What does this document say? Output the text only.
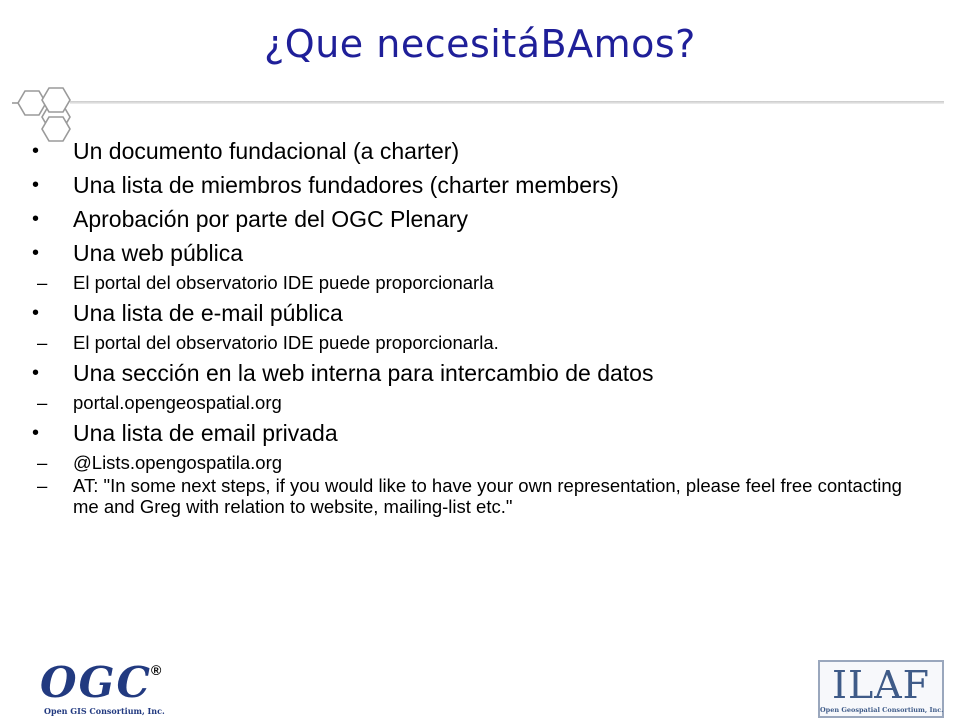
¿Que necesitáBAmos?
• Un documento fundacional (a charter)
• Una lista de miembros fundadores (charter members)
• Aprobación por parte del OGC Plenary
• Una web pública
– El portal del observatorio IDE puede proporcionarla
• Una lista de e-mail pública
– El portal del observatorio IDE puede proporcionarla.
• Una sección en la web interna para intercambio de datos
– portal.opengeospatial.org
• Una lista de email privada
– @Lists.opengospatila.org
– AT: "In some next steps, if you would like to have your own representation, please feel free contacting me and Greg with relation to website, mailing-list etc."
OGC ®
Open GIS Consortium, Inc.
ILAF
Open Geospatial Consortium, Inc.
